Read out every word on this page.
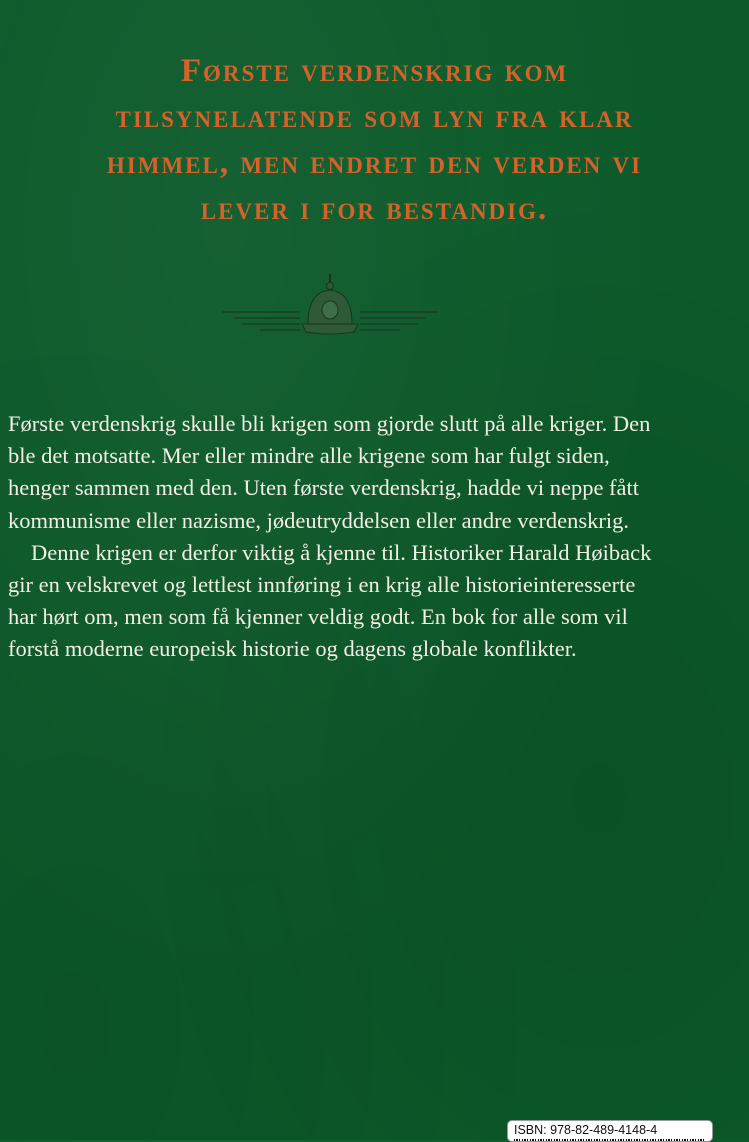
Første verdenskrig kom
tilsynelatende som lyn fra klar
himmel, men endret den verden vi
lever i for bestandig.

Første verdenskrig skulle bli krigen som gjorde slutt på alle kriger. Den ble det motsatte. Mer eller mindre alle krigene som har fulgt siden, henger sammen med den. Uten første verdenskrig, hadde vi neppe fått kommunisme eller nazisme, jødeutryddelsen eller andre verdenskrig.

Denne krigen er derfor viktig å kjenne til. Historiker Harald Høiback gir en velskrevet og lettlest innføring i en krig alle historieinteresserte har hørt om, men som få kjenner veldig godt. En bok for alle som vil forstå moderne europeisk historie og dagens globale konflikter.

ISBN: 978-82-489-4148-4
